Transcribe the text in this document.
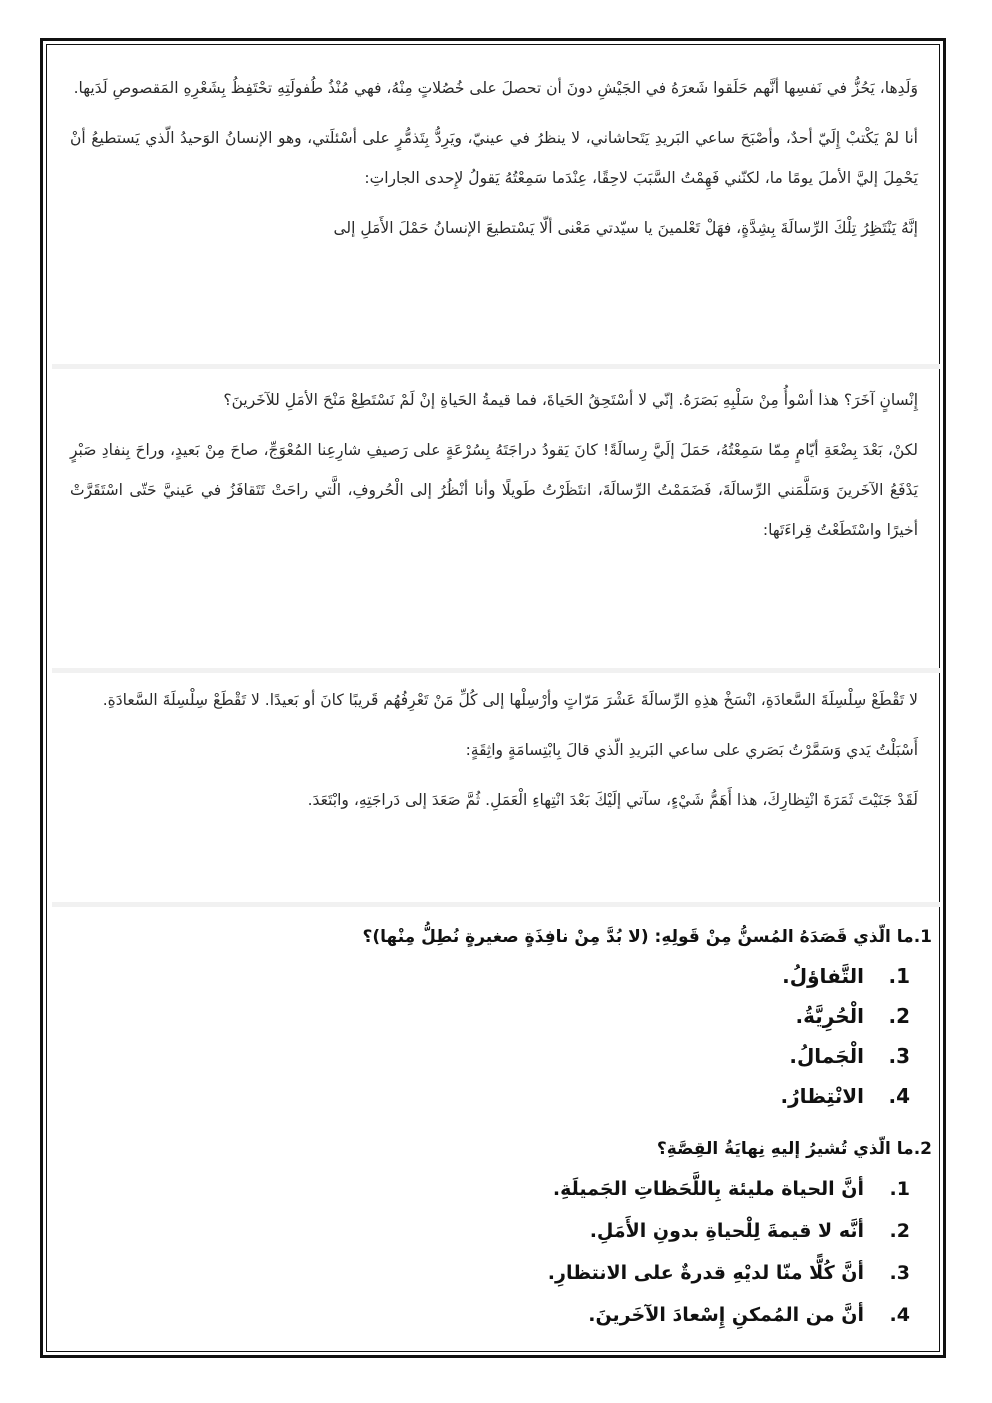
وَلَدِها، يَحُزُّ في نَفسِها أنَّهم حَلَقوا شَعرَهُ في الجَيْشِ دونَ أن تحصلَ على خُصُلاتٍ مِنْهُ، فهي مُنْذُ طُفولَتِهِ تحْتَفِظُ بِشَعْرِهِ المَقصوصِ لَدَيها.

أنا لمْ يَكْتبْ إِلَيّ أحدٌ، وأصْبَحَ ساعي البَريدِ يَتَحاشاني، لا ينظرُ في عينيّ، ويَرِدُّ بِتَذمُّرٍ على أسْئلَتي، وهو الإنسانُ الوَحيدُ الّذي يَستطيعُ أنْ يَحْمِلَ إليَّ الأملَ يومًا ما، لكنّني فَهِمْتُ السَّبَبَ لاحِقًا، عِنْدَما سَمِعْتُهُ يَقولُ لإِحدى الجاراتِ:

إنَّهُ يَنْتَظِرُ تِلْكَ الرِّسالَةَ بِشِدَّةٍ، فهَلْ تَعْلمينَ يا سيّدتي مَعْنى ألّا يَسْتطيعَ الإنسانُ حَمْلَ الأَمَلِ إلى

إِنْسانٍ آخَرَ؟ هذا أسْوأُ مِنْ سَلْبِهِ بَصَرَهُ. إنّي لا أسْتَحِقُ الحَياةَ، فما قيمةُ الحَياةِ إنْ لَمْ نَسْتَطِعْ مَنْحَ الأمَلِ للآخَرينَ؟

لكنْ، بَعْدَ بِضْعَةِ أيّامٍ مِمّا سَمِعْتُهُ، حَمَلَ إلَيَّ رِسالَةً! كانَ يَقودُ دراجَتَهُ بِسُرْعَةٍ على رَصيفِ شارِعِنا المُعْوَجِّ، صاحَ مِنْ بَعيدٍ، وراحَ بِنفادِ صَبْرٍ يَدْفَعُ الآخَرينَ وَسَلَّمَني الرِّسالَةَ، فَضَمَمْتُ الرِّسالَةَ، انتَظَرْتُ طَويلًا وأنا أنْظُرُ إلى الْحُروفِ، الَّتي راحَتْ تَتَقافَزُ في عَينيَّ حَتّى اسْتَقَرَّتْ أخيرًا واسْتَطَعْتُ قِراءَتَها:

لا تَقْطَعْ سِلْسِلَةَ السَّعادَةِ، انْسَخْ هذِهِ الرِّسالَةَ عَشْرَ مَرّاتٍ وأرْسِلْها إلى كُلِّ مَنْ تَعْرِفُهُم قَريبًا كانَ أو بَعيدًا. لا تَقْطَعْ سِلْسِلَةَ السَّعادَةِ.

أَسْبَلْتُ يَدي وَسَمَّرْتُ بَصَري على ساعي البَريدِ الّذي قالَ بِابْتِسامَةٍ واثِقَةٍ:

لَقَدْ جَنَيْتَ ثَمَرَةَ انْتِظارِكَ، هذا أَهَمُّ شَيْءٍ، سآتي إلَيْكَ بَعْدَ انْتِهاءِ الْعَمَلِ. ثُمَّ صَعَدَ إلى دَراجَتِهِ، وابْتَعَدَ.

1.ما الّذي قَصَدَهُ المُسنُّ مِنْ قَولِهِ: (لا بُدَّ مِنْ نافِذَةٍ صغيرةٍ نُطِلُّ مِنْها)؟

1.
التَّفاؤلُ.
2.
الْحُرِيَّةُ.
3.
الْجَمالُ.
4.
الانْتِظارُ.

2.ما الّذي تُشيرُ إليهِ نِهايَةُ القِصَّةِ؟

1.
أنَّ الحياة مليئة بِاللَّحَظاتِ الجَميلَةِ.
2.
أنَّه لا قيمةَ لِلْحياةِ بدونِ الأَمَلِ.
3.
أنَّ كُلًّا منّا لديْهِ قدرةٌ على الانتظارِ.
4.
أنَّ من المُمكنِ إِسْعادَ الآخَرينَ.
